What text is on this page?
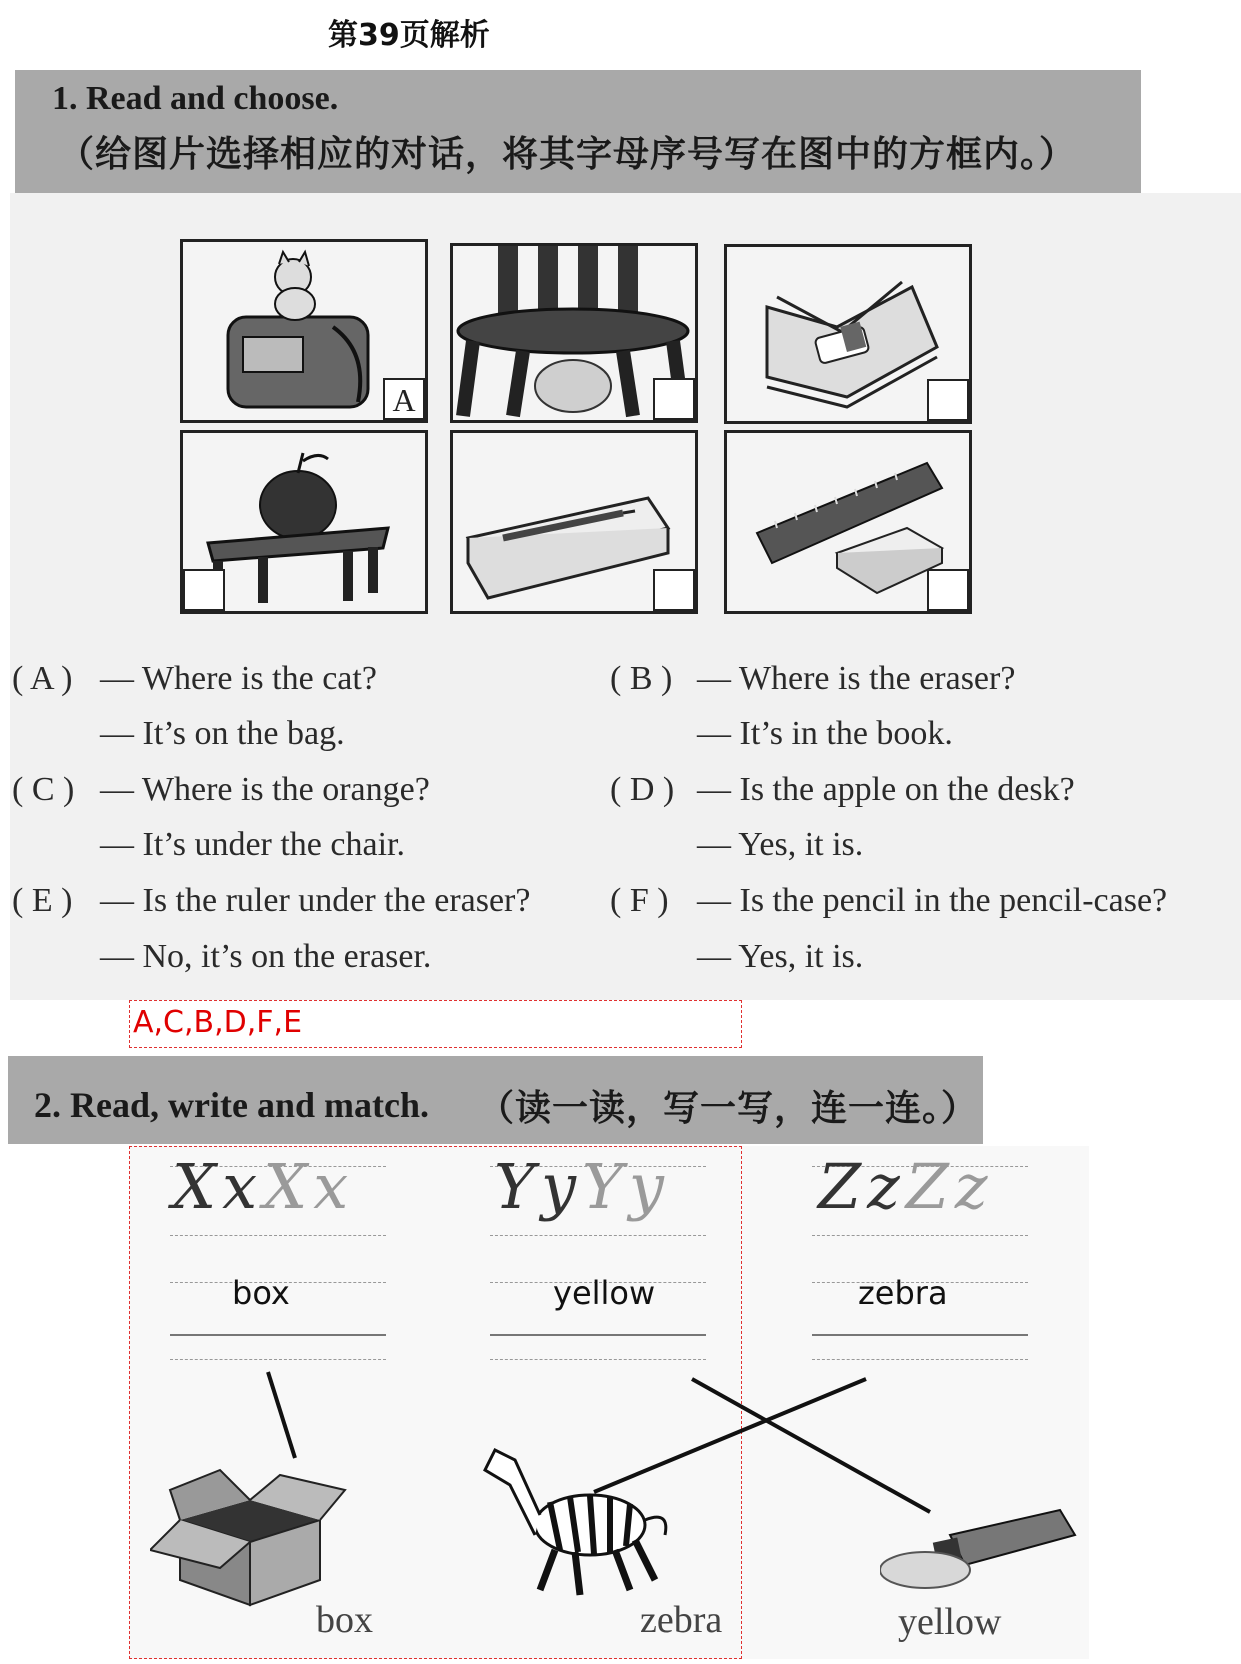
第39页解析
1. Read and choose.
（给图片选择相应的对话，将其字母序号写在图中的方框内。）
A
( A ) — Where is the cat?
— It’s on the bag.
( B ) — Where is the eraser?
— It’s in the book.
( C ) — Where is the orange?
— It’s under the chair.
( D ) — Is the apple on the desk?
— Yes, it is.
( E ) — Is the ruler under the eraser?
— No, it’s on the eraser.
( F ) — Is the pencil in the pencil-case?
— Yes, it is.
A,C,B,D,F,E
2. Read, write and match. （读一读，写一写，连一连。）
XxXx
box
YyYy
yellow
ZzZz
zebra
box	zebra	yellow
